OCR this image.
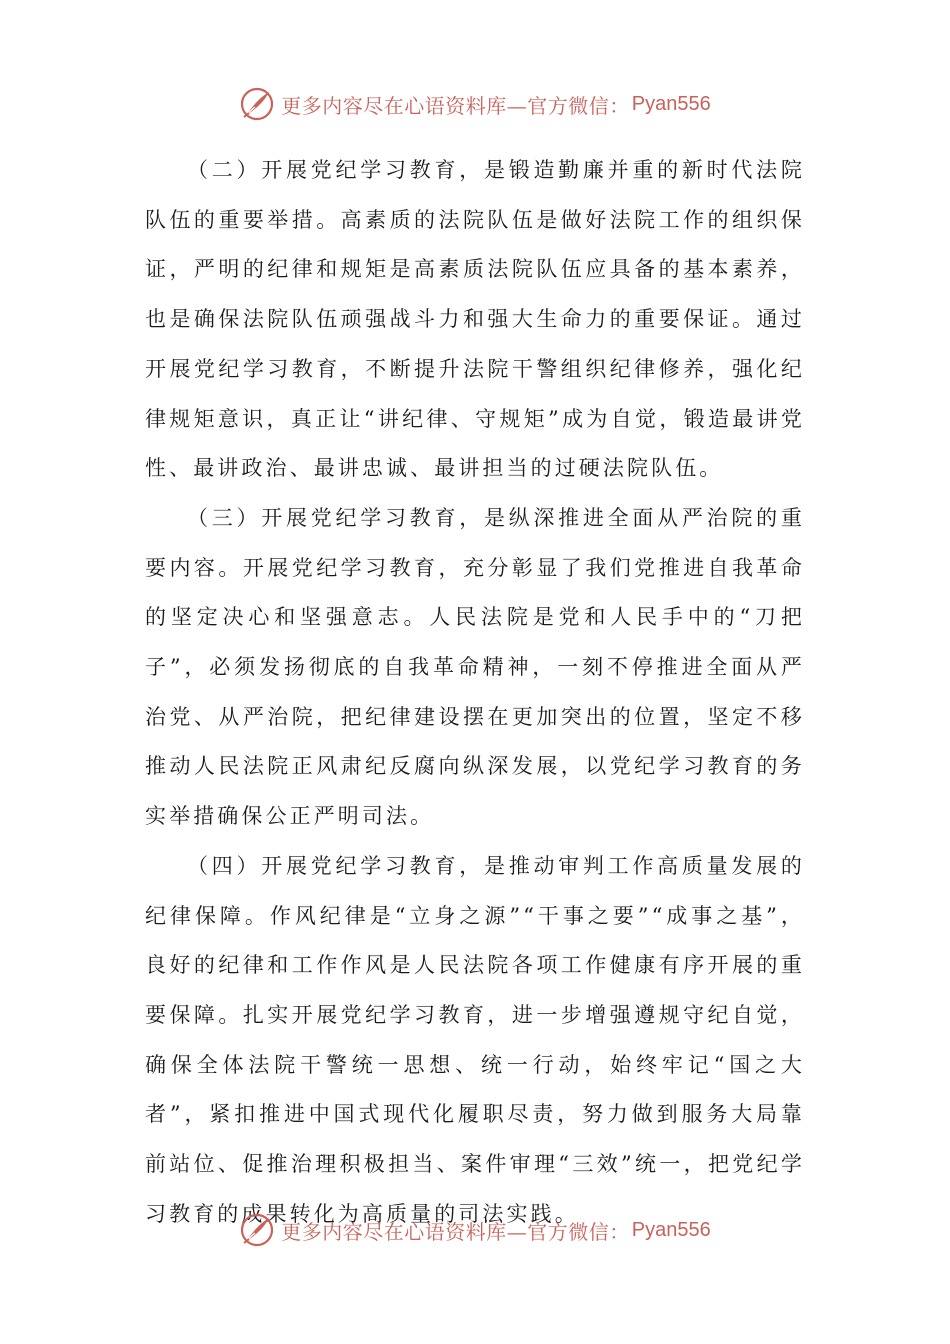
更多内容尽在心语资料库—官方微信： Pyan556

（二）开展党纪学习教育，是锻造勤廉并重的新时代法院队伍的重要举措。高素质的法院队伍是做好法院工作的组织保证，严明的纪律和规矩是高素质法院队伍应具备的基本素养，也是确保法院队伍顽强战斗力和强大生命力的重要保证。通过开展党纪学习教育，不断提升法院干警组织纪律修养，强化纪律规矩意识，真正让“讲纪律、守规矩”成为自觉，锻造最讲党性、最讲政治、最讲忠诚、最讲担当的过硬法院队伍。

（三）开展党纪学习教育，是纵深推进全面从严治院的重要内容。开展党纪学习教育，充分彰显了我们党推进自我革命的坚定决心和坚强意志。人民法院是党和人民手中的“刀把子”，必须发扬彻底的自我革命精神，一刻不停推进全面从严治党、从严治院，把纪律建设摆在更加突出的位置，坚定不移推动人民法院正风肃纪反腐向纵深发展，以党纪学习教育的务实举措确保公正严明司法。

（四）开展党纪学习教育，是推动审判工作高质量发展的纪律保障。作风纪律是“立身之源”“干事之要”“成事之基”，良好的纪律和工作作风是人民法院各项工作健康有序开展的重要保障。扎实开展党纪学习教育，进一步增强遵规守纪自觉，确保全体法院干警统一思想、统一行动，始终牢记“国之大者”，紧扣推进中国式现代化履职尽责，努力做到服务大局靠前站位、促推治理积极担当、案件审理“三效”统一，把党纪学习教育的成果转化为高质量的司法实践。

更多内容尽在心语资料库—官方微信： Pyan556
